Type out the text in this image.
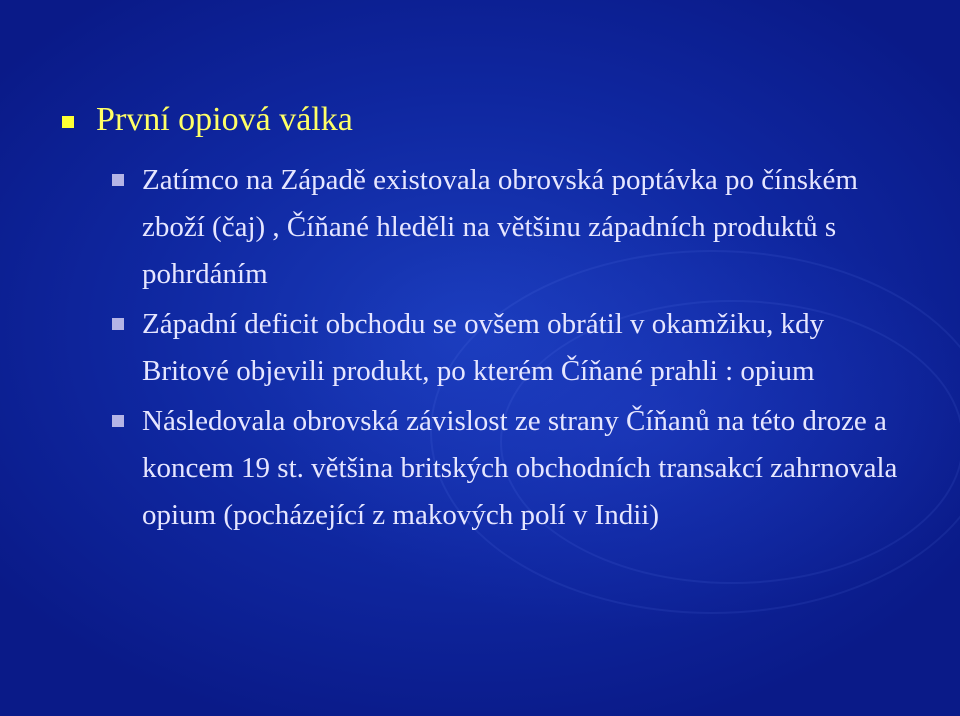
První opiová válka
Zatímco na Západě existovala obrovská poptávka po čínském zboží (čaj) , Číňané hleděli na většinu západních produktů s pohrdáním
Západní deficit obchodu se ovšem obrátil v okamžiku, kdy Britové objevili produkt, po kterém Číňané prahli : opium
Následovala obrovská závislost ze strany Číňanů na této droze a koncem 19 st. většina britských obchodních transakcí zahrnovala opium (pocházející z makových polí v Indii)
